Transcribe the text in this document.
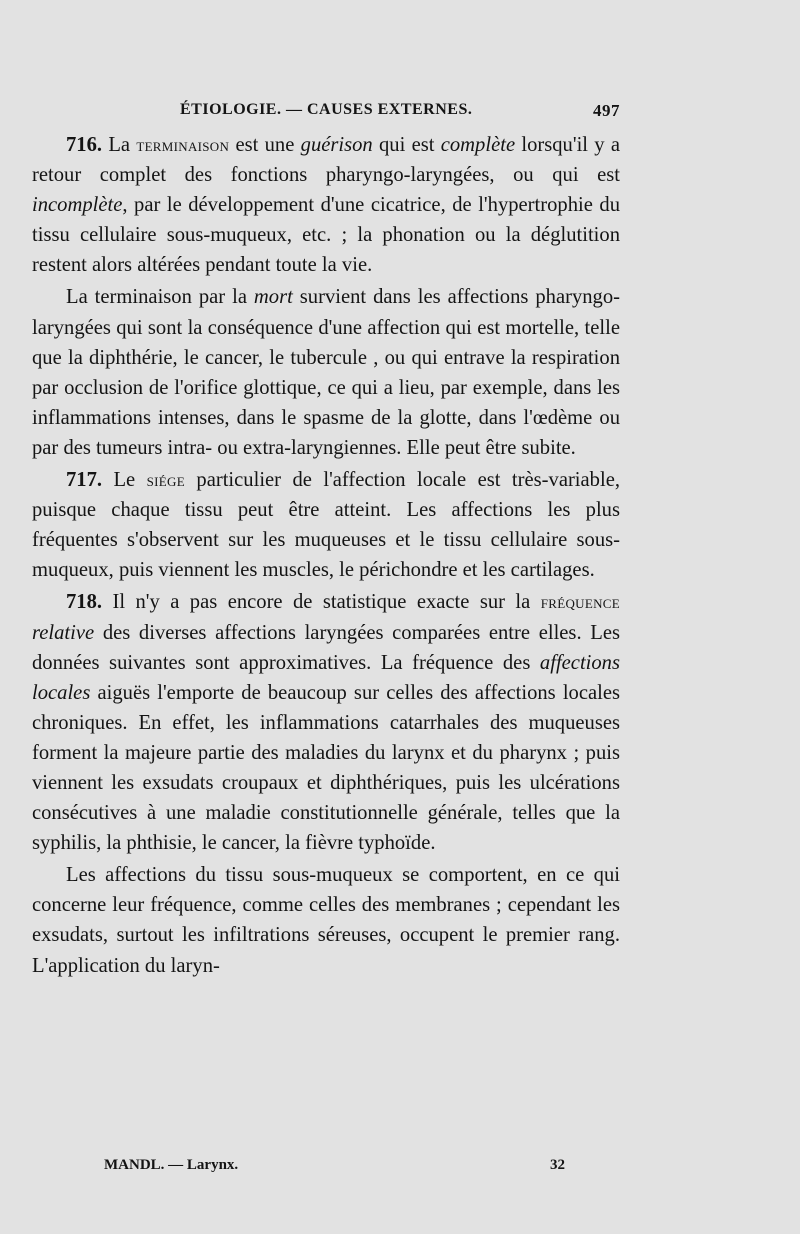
ÉTIOLOGIE. — CAUSES EXTERNES.	497

716. La terminaison est une guérison qui est complète lorsqu'il y a retour complet des fonctions pharyngo-laryngées, ou qui est incomplète, par le développement d'une cicatrice, de l'hypertrophie du tissu cellulaire sous-muqueux, etc. ; la phonation ou la déglutition restent alors altérées pendant toute la vie.

La terminaison par la mort survient dans les affections pharyngo-laryngées qui sont la conséquence d'une affection qui est mortelle, telle que la diphthérie, le cancer, le tubercule , ou qui entrave la respiration par occlusion de l'orifice glottique, ce qui a lieu, par exemple, dans les inflammations intenses, dans le spasme de la glotte, dans l'œdème ou par des tumeurs intra- ou extra-laryngiennes. Elle peut être subite.

717. Le siége particulier de l'affection locale est très-variable, puisque chaque tissu peut être atteint. Les affections les plus fréquentes s'observent sur les muqueuses et le tissu cellulaire sous-muqueux, puis viennent les muscles, le périchondre et les cartilages.

718. Il n'y a pas encore de statistique exacte sur la fréquence relative des diverses affections laryngées comparées entre elles. Les données suivantes sont approximatives. La fréquence des affections locales aiguës l'emporte de beaucoup sur celles des affections locales chroniques. En effet, les inflammations catarrhales des muqueuses forment la majeure partie des maladies du larynx et du pharynx ; puis viennent les exsudats croupaux et diphthériques, puis les ulcérations consécutives à une maladie constitutionnelle générale, telles que la syphilis, la phthisie, le cancer, la fièvre typhoïde.

Les affections du tissu sous-muqueux se comportent, en ce qui concerne leur fréquence, comme celles des membranes ; cependant les exsudats, surtout les infiltrations séreuses, occupent le premier rang. L'application du laryn-

MANDL. — Larynx.	32
